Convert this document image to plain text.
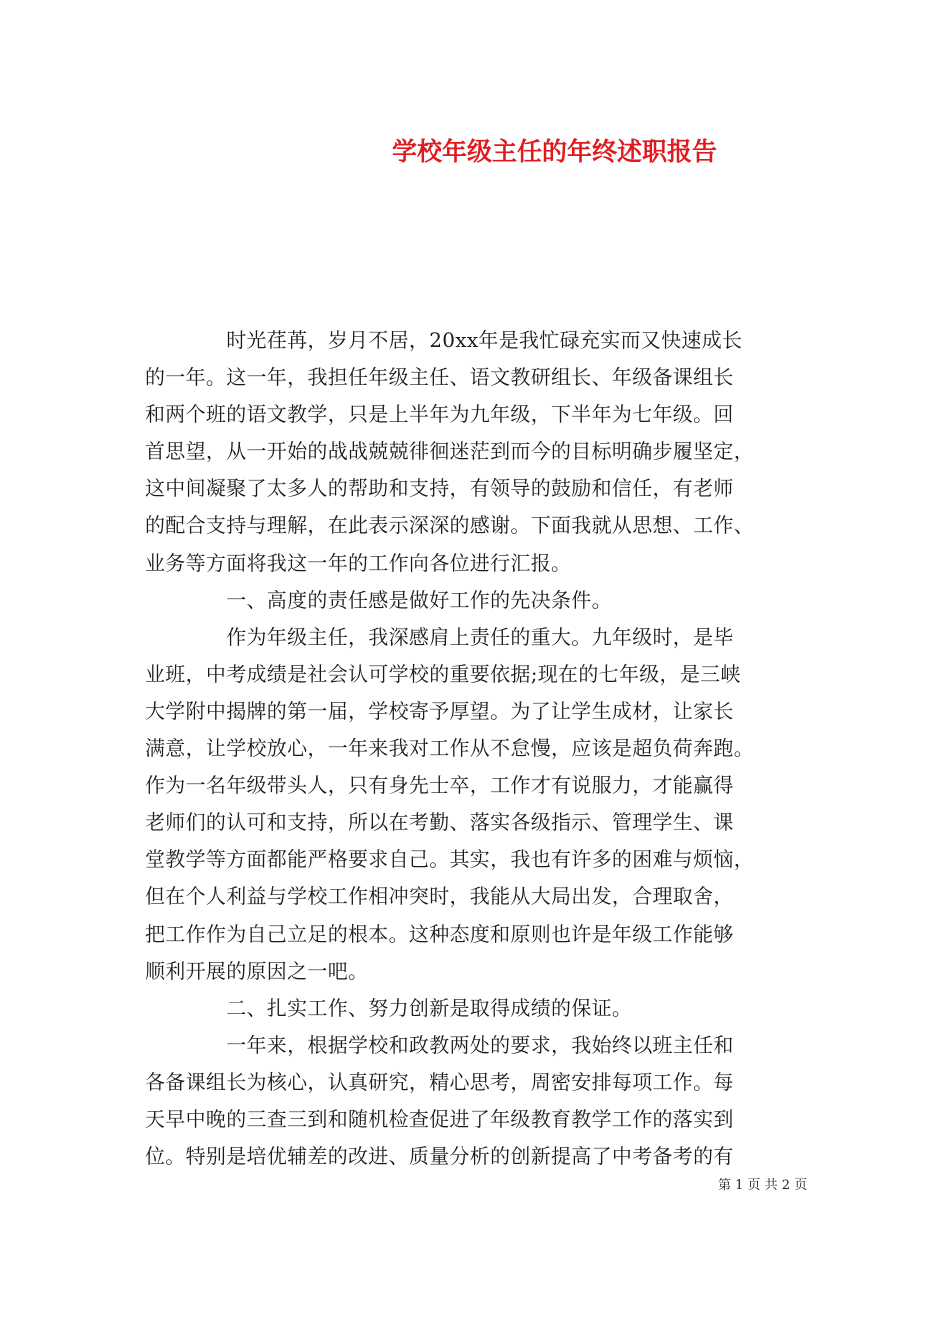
学校年级主任的年终述职报告
　　　　时光荏苒，岁月不居，20xx年是我忙碌充实而又快速成长
的一年。这一年，我担任年级主任、语文教研组长、年级备课组长
和两个班的语文教学，只是上半年为九年级，下半年为七年级。回
首思望，从一开始的战战兢兢徘徊迷茫到而今的目标明确步履坚定，
这中间凝聚了太多人的帮助和支持，有领导的鼓励和信任，有老师
的配合支持与理解，在此表示深深的感谢。下面我就从思想、工作、
业务等方面将我这一年的工作向各位进行汇报。
　　　　一、高度的责任感是做好工作的先决条件。
　　　　作为年级主任，我深感肩上责任的重大。九年级时，是毕
业班，中考成绩是社会认可学校的重要依据;现在的七年级，是三峡
大学附中揭牌的第一届，学校寄予厚望。为了让学生成材，让家长
满意，让学校放心，一年来我对工作从不怠慢，应该是超负荷奔跑。
作为一名年级带头人，只有身先士卒，工作才有说服力，才能赢得
老师们的认可和支持，所以在考勤、落实各级指示、管理学生、课
堂教学等方面都能严格要求自己。其实，我也有许多的困难与烦恼，
但在个人利益与学校工作相冲突时，我能从大局出发，合理取舍，
把工作作为自己立足的根本。这种态度和原则也许是年级工作能够
顺利开展的原因之一吧。
　　　　二、扎实工作、努力创新是取得成绩的保证。
　　　　一年来，根据学校和政教两处的要求，我始终以班主任和
各备课组长为核心，认真研究，精心思考，周密安排每项工作。每
天早中晚的三查三到和随机检查促进了年级教育教学工作的落实到
位。特别是培优辅差的改进、质量分析的创新提高了中考备考的有
第 1 页 共 2 页
